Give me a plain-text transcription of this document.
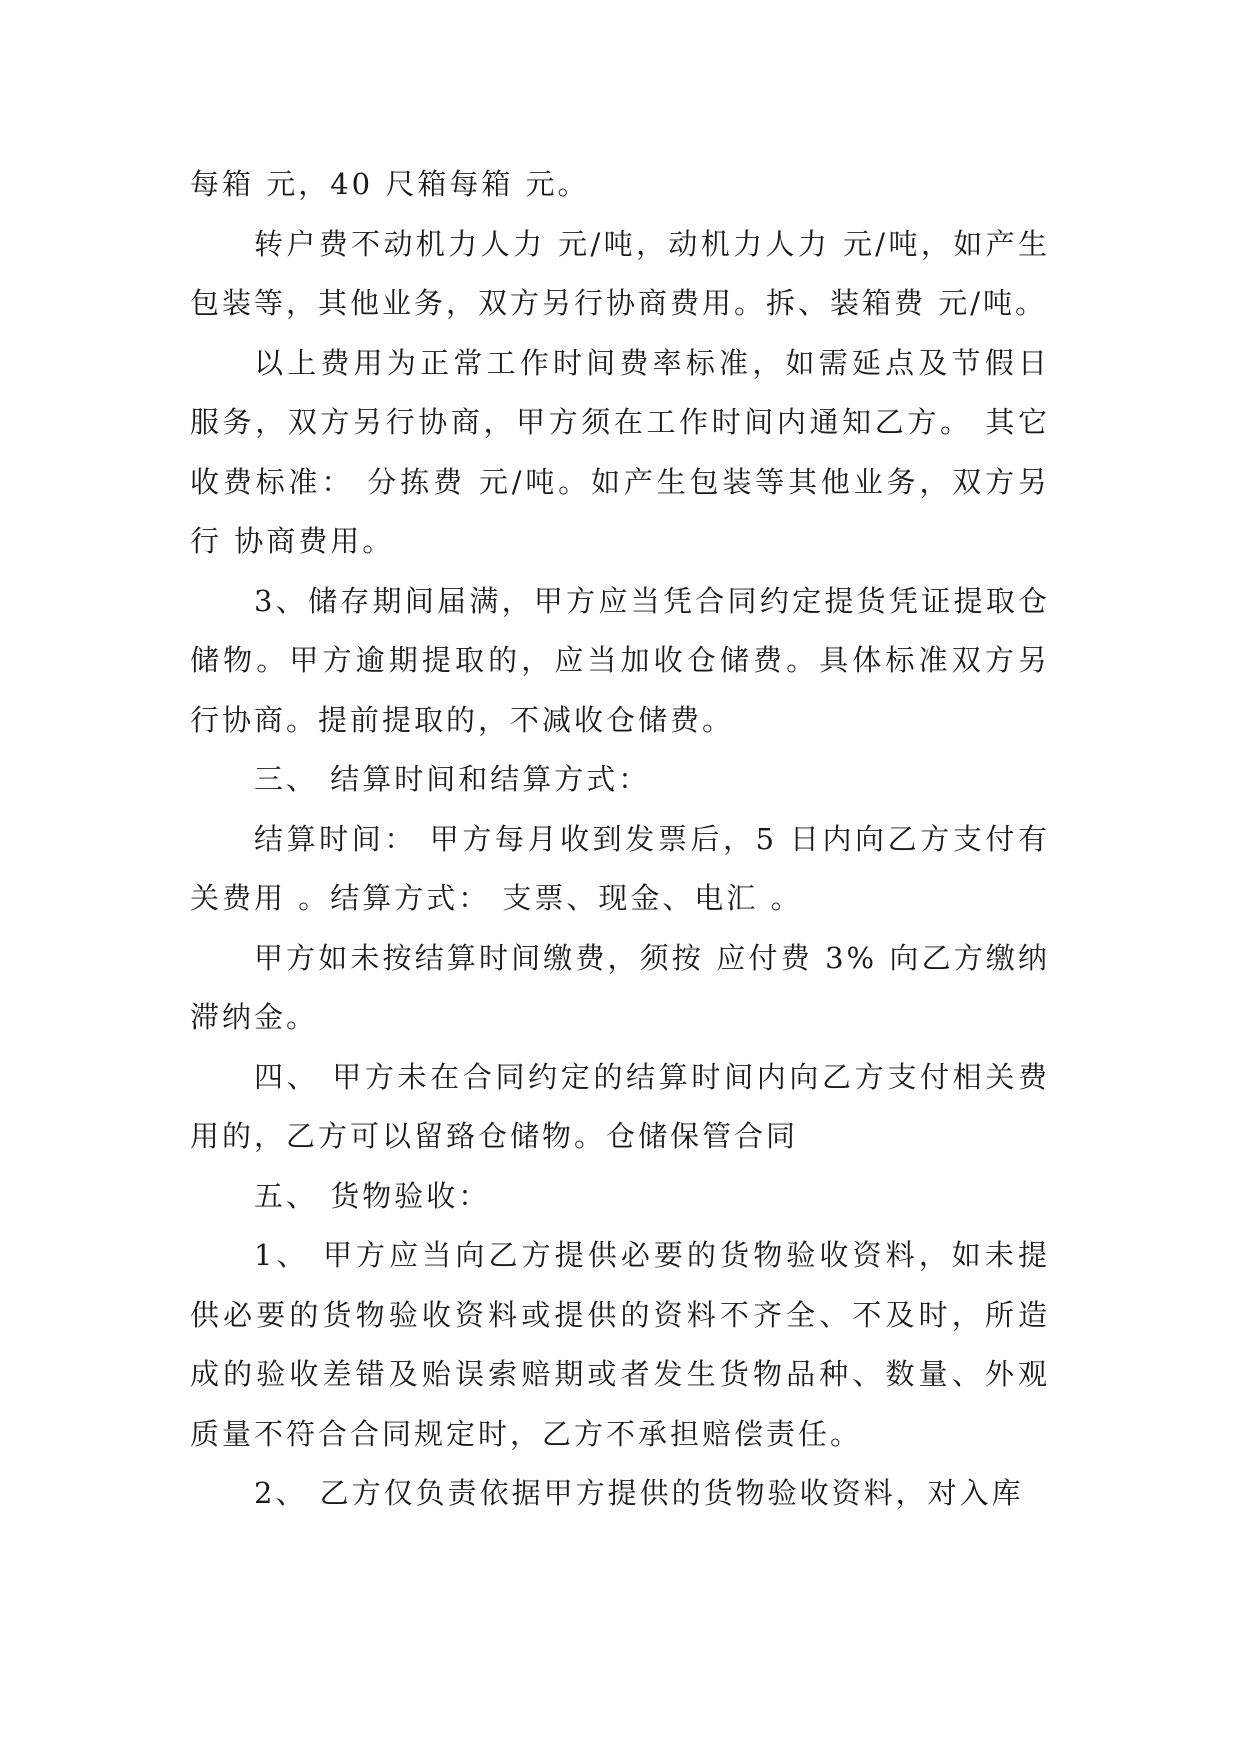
每箱 元，40 尺箱每箱 元。

转户费不动机力人力 元/吨，动机力人力 元/吨，如产生包装等，其他业务，双方另行协商费用。拆、装箱费 元/吨。

以上费用为正常工作时间费率标准，如需延点及节假日服务，双方另行协商，甲方须在工作时间内通知乙方。 其它收费标准： 分拣费 元/吨。如产生包装等其他业务，双方另行 协商费用。

3、储存期间届满，甲方应当凭合同约定提货凭证提取仓储物。甲方逾期提取的，应当加收仓储费。具体标准双方另行协商。提前提取的，不减收仓储费。

三、 结算时间和结算方式：

结算时间： 甲方每月收到发票后，5 日内向乙方支付有关费用 。结算方式： 支票、现金、电汇 。

甲方如未按结算时间缴费，须按 应付费 3% 向乙方缴纳滞纳金。

四、 甲方未在合同约定的结算时间内向乙方支付相关费用的，乙方可以留臵仓储物。仓储保管合同

五、 货物验收：

1、 甲方应当向乙方提供必要的货物验收资料，如未提供必要的货物验收资料或提供的资料不齐全、不及时，所造成的验收差错及贻误索赔期或者发生货物品种、数量、外观质量不符合合同规定时，乙方不承担赔偿责任。

2、 乙方仅负责依据甲方提供的货物验收资料，对入库
